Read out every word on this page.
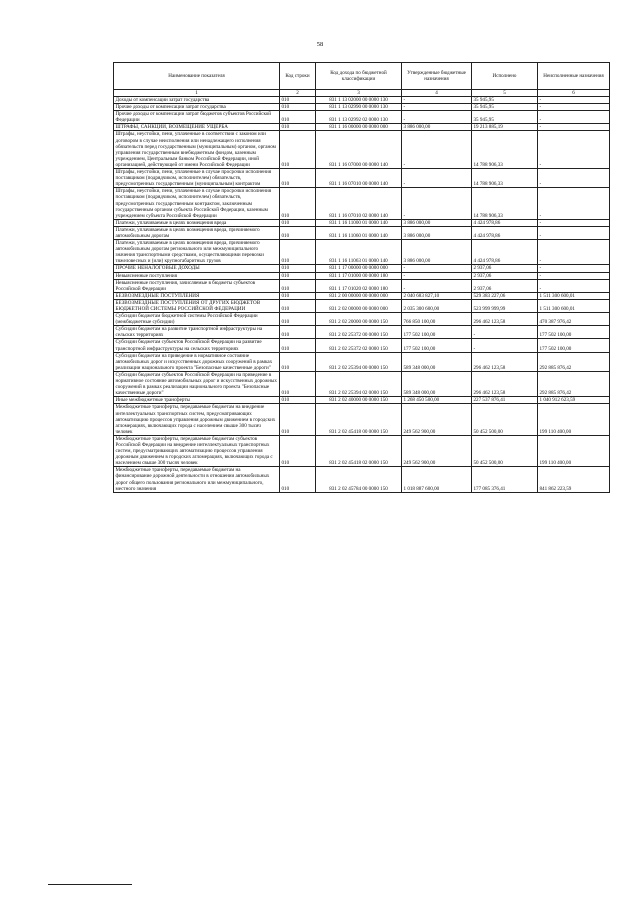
58
Наименование показателя	Код строки	Код дохода по бюджетной классификации	Утвержденные бюджетные назначения	Исполнено	Неисполненные назначения
1	2	3	4	5	6
Доходы от компенсации затрат государства	010	831 1 13 02000 00 0000 130	-	35 945,95	-
Прочие доходы от компенсации затрат государства	010	831 1 13 02990 00 0000 130	-	35 945,95	-
Прочие доходы от компенсации затрат бюджетов субъектов Российской Федерации	010	831 1 13 02992 02 0000 130	-	35 945,95	-
ШТРАФЫ, САНКЦИИ, ВОЗМЕЩЕНИЕ УЩЕРБА	010	831 1 16 00000 00 0000 000	3 886 000,00	19 213 885,19	-
Штрафы, неустойки, пени, уплаченные в соответствии с законом или договором в случае неисполнения или ненадлежащего исполнения обязательств перед государственным (муниципальным) органом, органом управления государственным внебюджетным фондом, казенным учреждением, Центральным банком Российской Федерации, иной организацией, действующей от имени Российской Федерации	010	831 1 16 07000 00 0000 140	-	14 788 906,33	-
Штрафы, неустойки, пени, уплаченные в случае просрочки исполнения поставщиком (подрядчиком, исполнителем) обязательств, предусмотренных государственным (муниципальным) контрактом	010	831 1 16 07010 00 0000 140	-	14 788 906,33	-
Штрафы, неустойки, пени, уплаченные в случае просрочки исполнения поставщиком (подрядчиком, исполнителем) обязательств, предусмотренных государственным контрактом, заключенным государственным органом субъекта Российской Федерации, казенным учреждением субъекта Российской Федерации	010	831 1 16 07010 02 0000 140	-	14 788 906,33	-
Платежи, уплачиваемые в целях возмещения вреда	010	831 1 16 11000 01 0000 140	3 886 000,00	4 424 978,86	-
Платежи, уплачиваемые в целях возмещения вреда, причиняемого автомобильным дорогам	010	831 1 16 11060 01 0000 140	3 886 000,00	4 424 978,86	-
Платежи, уплачиваемые в целях возмещения вреда, причиняемого автомобильным дорогам регионального или межмуниципального значения транспортными средствами, осуществляющими перевозки тяжеловесных и (или) крупногабаритных грузов	010	831 1 16 11063 01 0000 140	3 886 000,00	4 424 978,86	-
ПРОЧИЕ НЕНАЛОГОВЫЕ ДОХОДЫ	010	831 1 17 00000 00 0000 000	-	2 937,06	-
Невыясненные поступления	010	831 1 17 01000 00 0000 180	-	2 937,06	-
Невыясненные поступления, зачисляемые в бюджеты субъектов Российской Федерации	010	831 1 17 01020 02 0000 180	-	2 937,06	-
БЕЗВОЗМЕЗДНЫЕ ПОСТУПЛЕНИЯ	010	831 2 00 00000 00 0000 000	2 040 683 827,10	529 383 227,06	1 511 300 600,01
БЕЗВОЗМЕЗДНЫЕ ПОСТУПЛЕНИЯ ОТ ДРУГИХ БЮДЖЕТОВ БЮДЖЕТНОЙ СИСТЕМЫ РОССИЙСКОЙ ФЕДЕРАЦИИ	010	831 2 02 00000 00 0000 000	2 035 300 600,00	523 999 999,99	1 511 300 600,01
Субсидии бюджетам бюджетной системы Российской Федерации (межбюджетные субсидии)	010	831 2 02 20000 00 0000 150	766 850 100,00	296 462 123,58	470 387 976,42
Субсидии бюджетам на развитие транспортной инфраструктуры на сельских территориях	010	831 2 02 25372 00 0000 150	177 502 100,00	-	177 502 100,00
Субсидии бюджетам субъектов Российской Федерации на развитие транспортной инфраструктуры на сельских территориях	010	831 2 02 25372 02 0000 150	177 502 100,00	-	177 502 100,00
Субсидии бюджетам на приведение в нормативное состояние автомобильных дорог и искусственных дорожных сооружений в рамках реализации национального проекта "Безопасные качественные дороги"	010	831 2 02 25394 00 0000 150	589 348 000,00	296 462 123,58	292 885 876,42
Субсидии бюджетам субъектов Российской Федерации на приведение в нормативное состояние автомобильных дорог и искусственных дорожных сооружений в рамках реализации национального проекта "Безопасные качественные дороги"	010	831 2 02 25394 02 0000 150	589 348 000,00	296 462 123,58	292 885 876,42
Иные межбюджетные трансферты	010	831 2 02 40000 00 0000 150	1 268 450 500,00	227 537 876,41	1 040 912 623,59
Межбюджетные трансферты, передаваемые бюджетам на внедрение интеллектуальных транспортных систем, предусматривающих автоматизацию процессов управления дорожным движением в городских агломерациях, включающих города с населением свыше 300 тысяч человек	010	831 2 02 45418 00 0000 150	249 562 900,00	50 452 500,00	199 110 400,00
Межбюджетные трансферты, передаваемые бюджетам субъектов Российской Федерации на внедрение интеллектуальных транспортных систем, предусматривающих автоматизацию процессов управления дорожным движением в городских агломерациях, включающих города с населением свыше 300 тысяч человек	010	831 2 02 45418 02 0000 150	249 562 900,00	50 452 500,00	199 110 400,00
Межбюджетные трансферты, передаваемые бюджетам на финансирование дорожной деятельности в отношении автомобильных дорог общего пользования регионального или межмуниципального, местного значения	010	831 2 02 45784 00 0000 150	1 018 887 600,00	177 085 376,41	841 862 223,59
